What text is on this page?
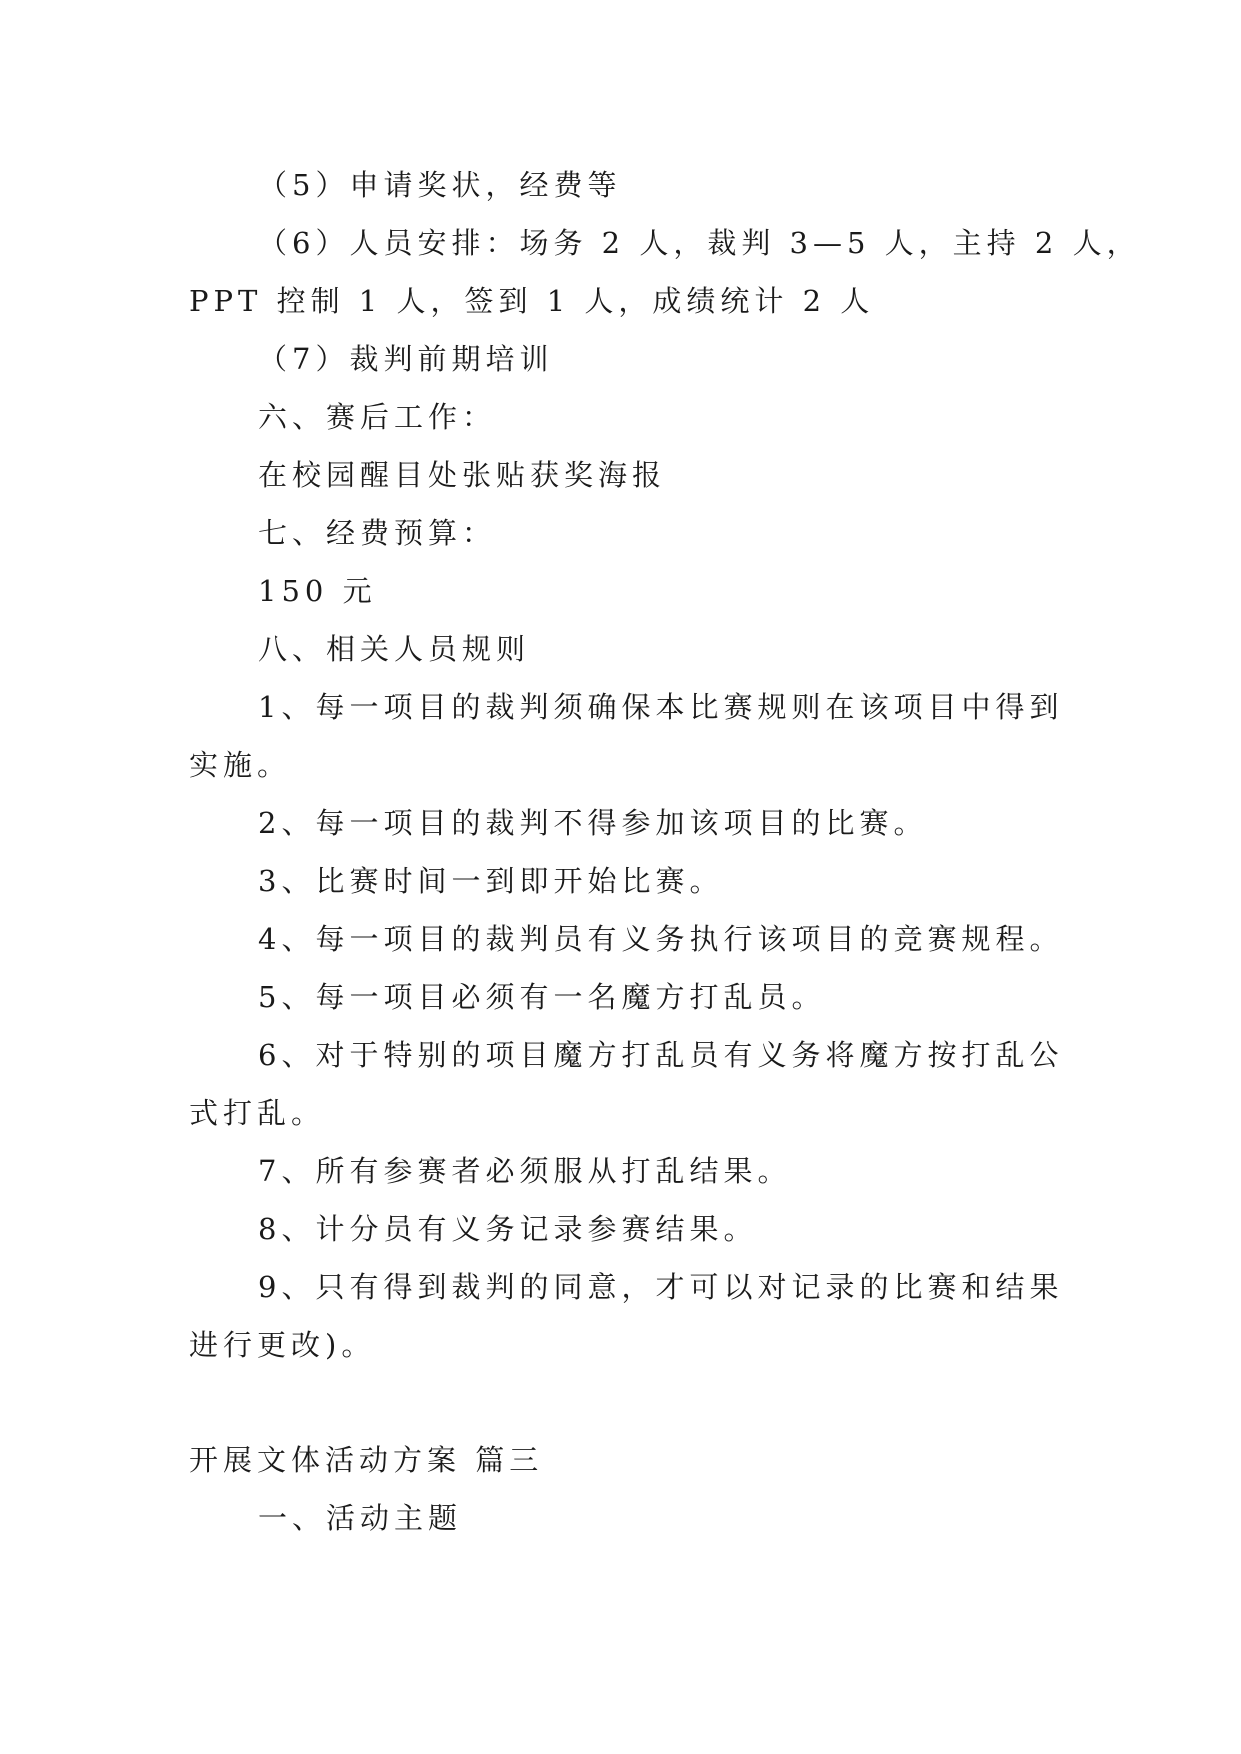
（5）申请奖状，经费等
（6）人员安排：场务 2 人，裁判 3—5 人，主持 2 人，
PPT 控制 1 人，签到 1 人，成绩统计 2 人
（7）裁判前期培训
六、赛后工作：
在校园醒目处张贴获奖海报
七、经费预算：
150 元
八、相关人员规则
1、每一项目的裁判须确保本比赛规则在该项目中得到
实施。
2、每一项目的裁判不得参加该项目的比赛。
3、比赛时间一到即开始比赛。
4、每一项目的裁判员有义务执行该项目的竞赛规程。
5、每一项目必须有一名魔方打乱员。
6、对于特别的项目魔方打乱员有义务将魔方按打乱公
式打乱。
7、所有参赛者必须服从打乱结果。
8、计分员有义务记录参赛结果。
9、只有得到裁判的同意，才可以对记录的比赛和结果
进行更改)。
开展文体活动方案 篇三
一、活动主题
